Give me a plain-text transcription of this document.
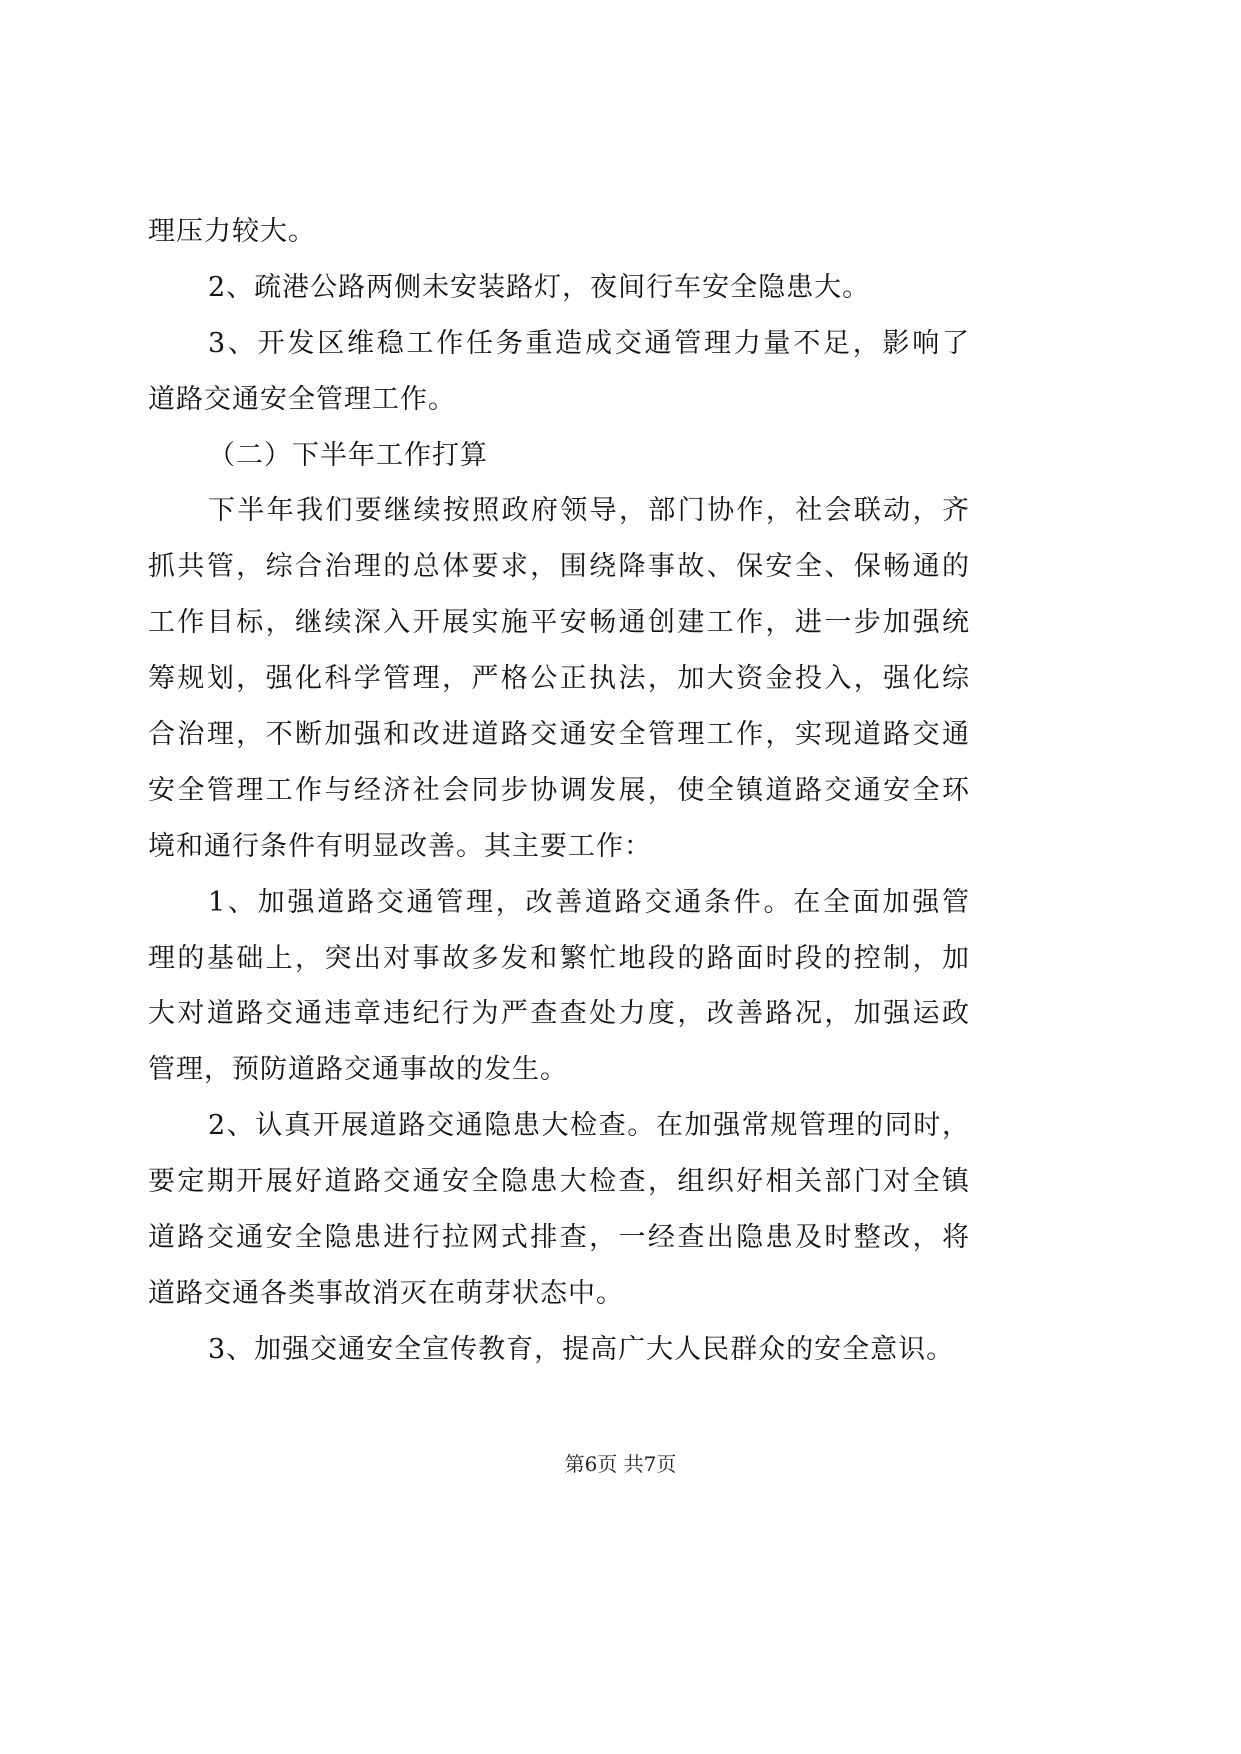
理压力较大。
2、疏港公路两侧未安装路灯，夜间行车安全隐患大。
3、开发区维稳工作任务重造成交通管理力量不足，影响了
道路交通安全管理工作。
（二）下半年工作打算
下半年我们要继续按照政府领导，部门协作，社会联动，齐
抓共管，综合治理的总体要求，围绕降事故、保安全、保畅通的
工作目标，继续深入开展实施平安畅通创建工作，进一步加强统
筹规划，强化科学管理，严格公正执法，加大资金投入，强化综
合治理，不断加强和改进道路交通安全管理工作，实现道路交通
安全管理工作与经济社会同步协调发展，使全镇道路交通安全环
境和通行条件有明显改善。其主要工作：
1、加强道路交通管理，改善道路交通条件。在全面加强管
理的基础上，突出对事故多发和繁忙地段的路面时段的控制，加
大对道路交通违章违纪行为严查查处力度，改善路况，加强运政
管理，预防道路交通事故的发生。
2、认真开展道路交通隐患大检查。在加强常规管理的同时，
要定期开展好道路交通安全隐患大检查，组织好相关部门对全镇
道路交通安全隐患进行拉网式排查，一经查出隐患及时整改，将
道路交通各类事故消灭在萌芽状态中。
3、加强交通安全宣传教育，提高广大人民群众的安全意识。
第6页 共7页
